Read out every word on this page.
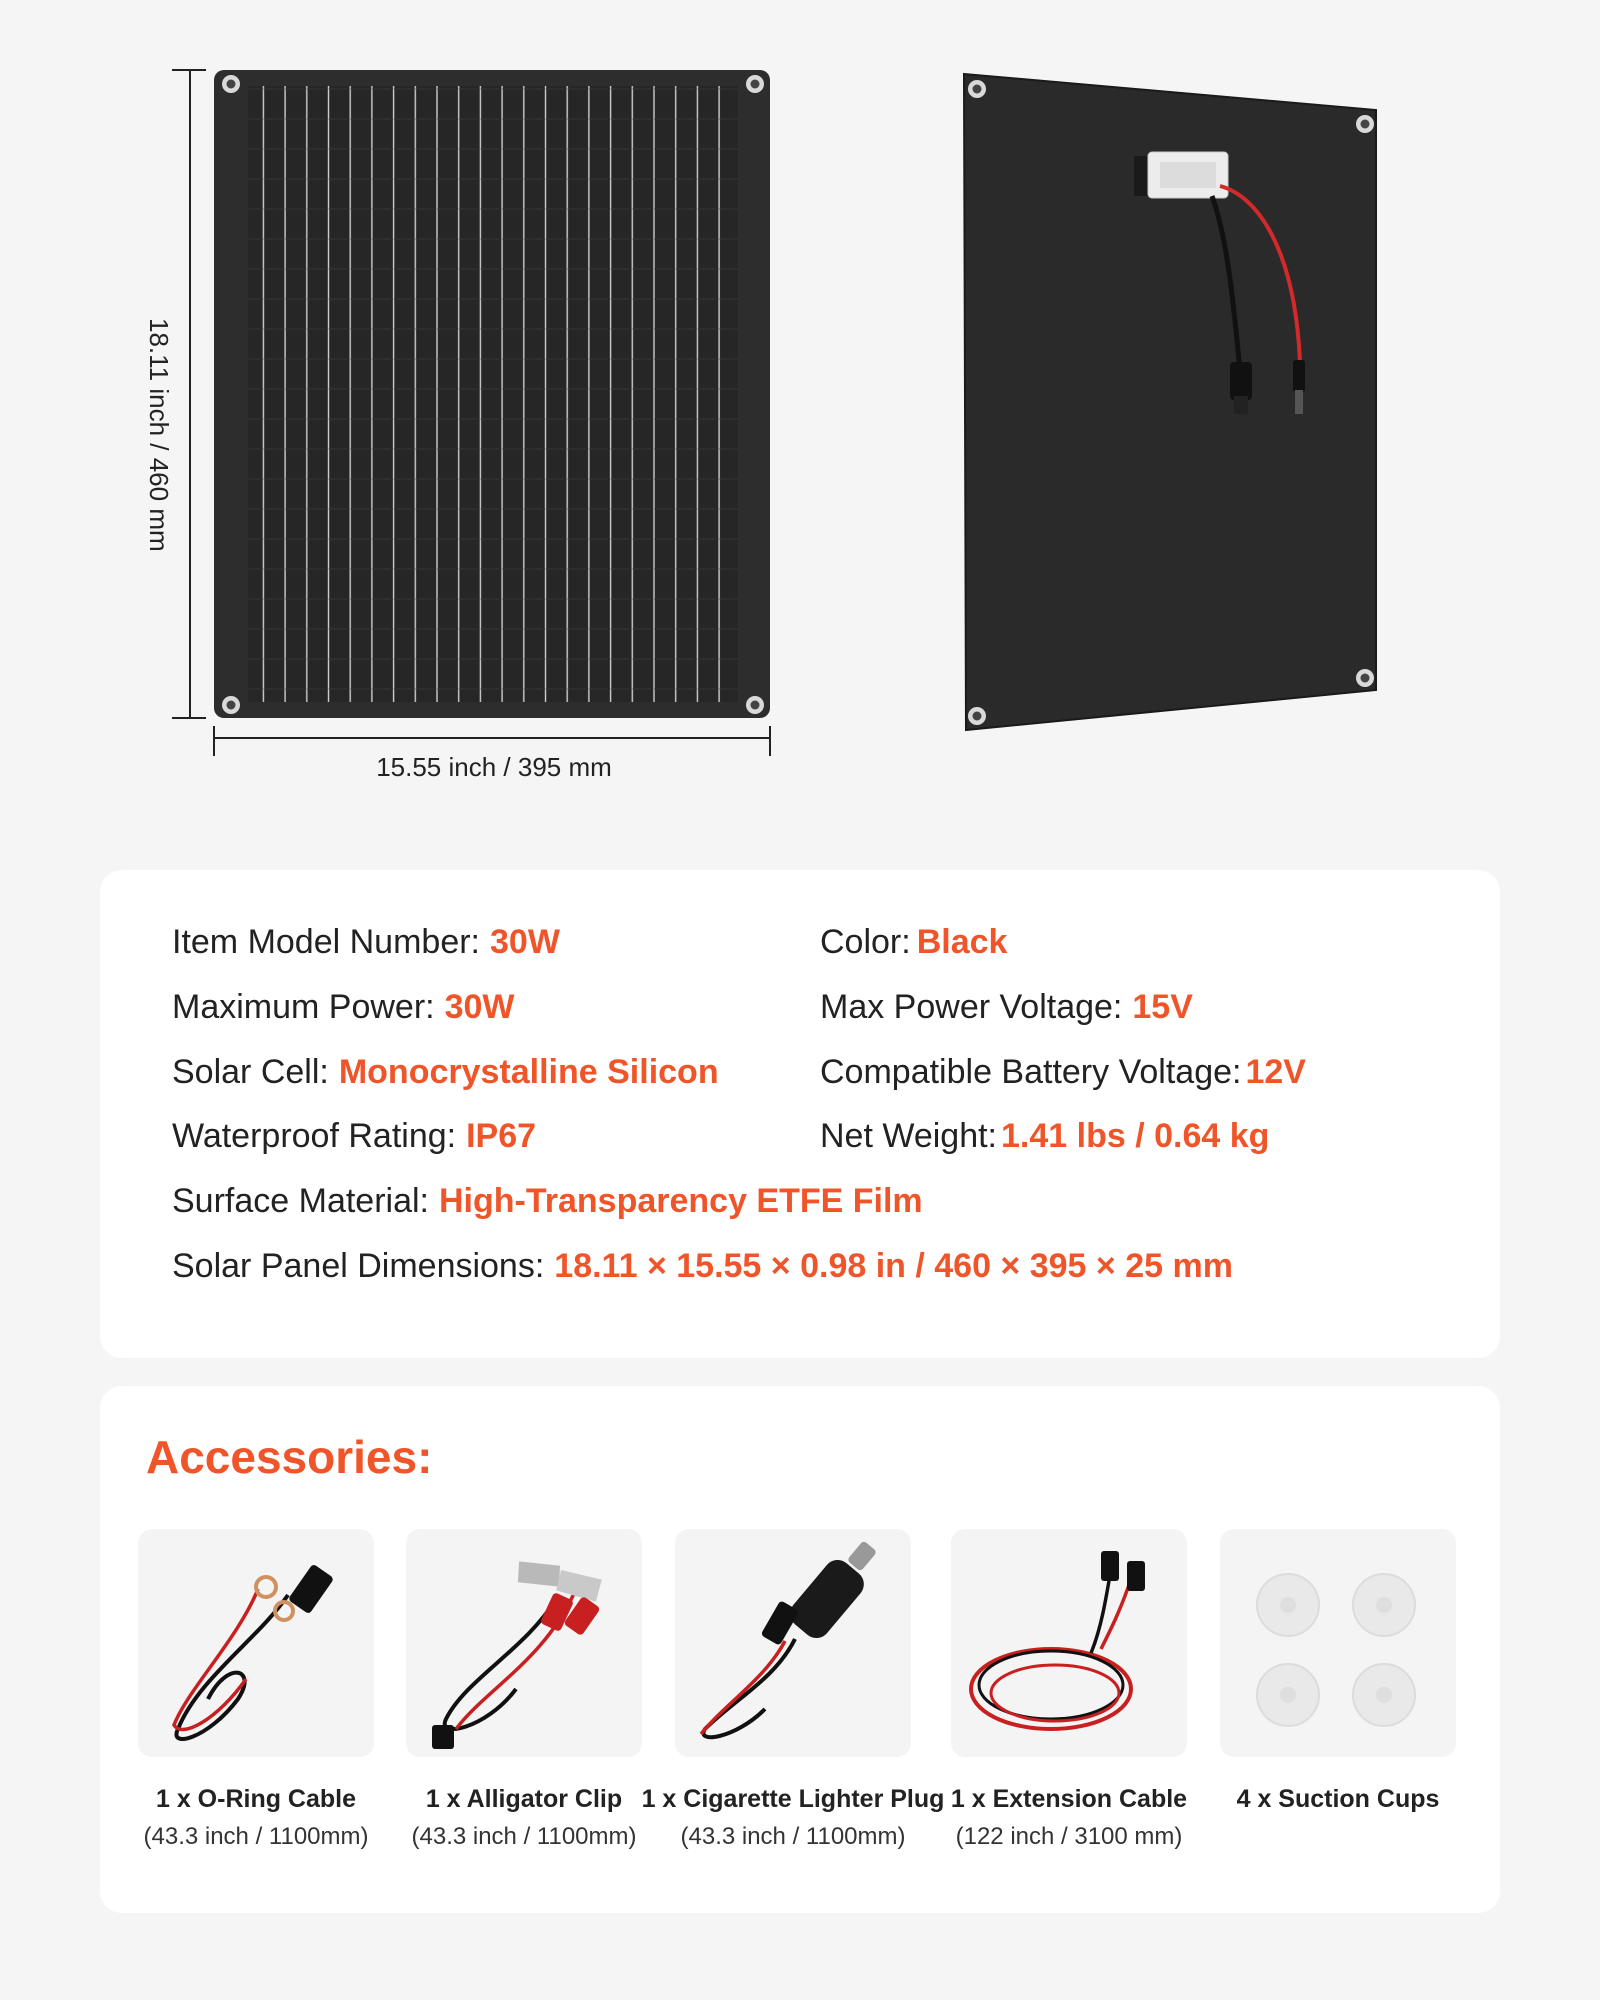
18.11 inch / 460 mm
15.55 inch / 395 mm
Item Model Number: 30W	Color: Black
Maximum Power: 30W	Max Power Voltage: 15V
Solar Cell: Monocrystalline Silicon	Compatible Battery Voltage: 12V
Waterproof Rating: IP67	Net Weight: 1.41 lbs / 0.64 kg
Surface Material: High-Transparency ETFE Film
Solar Panel Dimensions: 18.11 × 15.55 × 0.98 in / 460 × 395 × 25 mm
Accessories:
1 x O-Ring Cable
(43.3 inch / 1100mm)
1 x Alligator Clip
(43.3 inch / 1100mm)
1 x Cigarette Lighter Plug
(43.3 inch / 1100mm)
1 x Extension Cable
(122 inch / 3100 mm)
4 x Suction Cups
